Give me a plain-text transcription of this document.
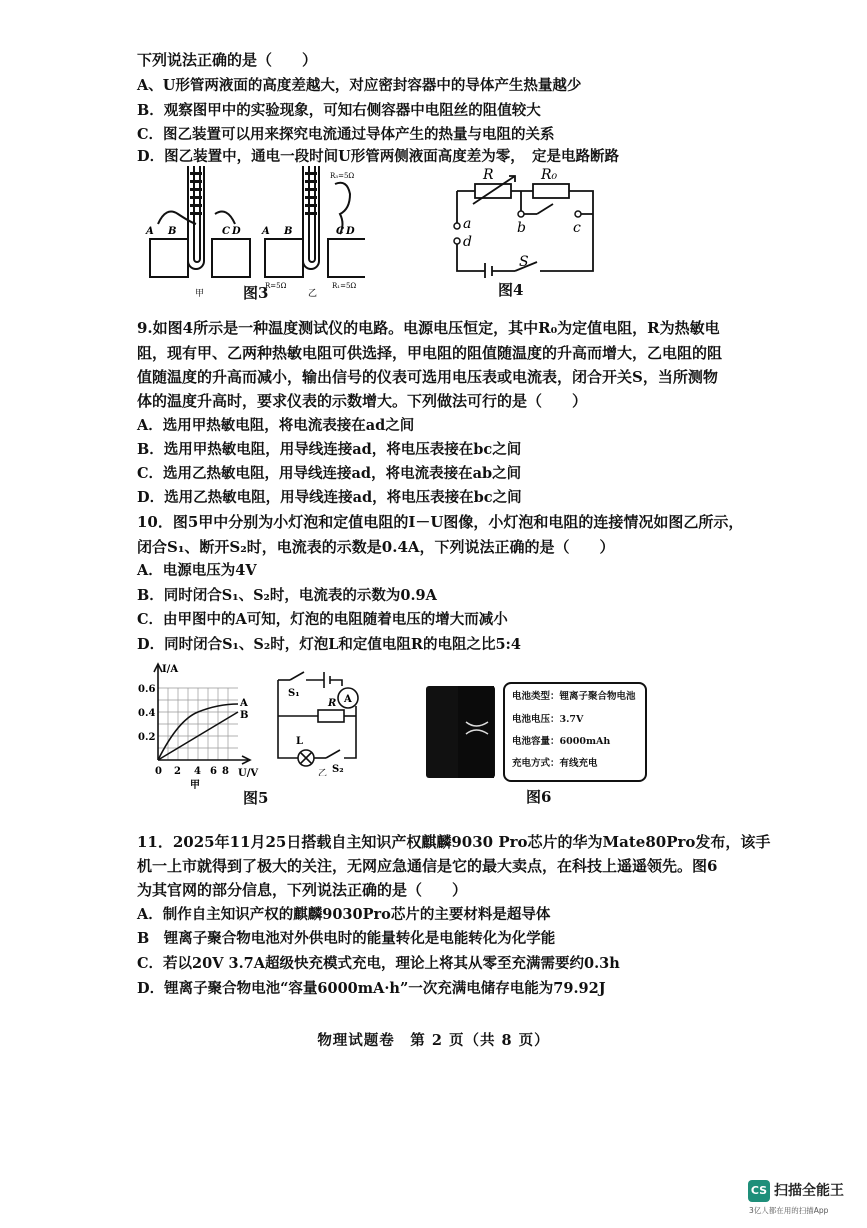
下列说法正确的是（　　）
A、U形管两液面的高度差越大，对应密封容器中的导体产生热量越少
B．观察图甲中的实验现象，可知右侧容器中电阻丝的阻值较大
C．图乙装置可以用来探究电流通过导体产生的热量与电阻的关系
D．图乙装置中，通电一段时间U形管两侧液面高度差为零，　定是电路断路
A B	C D A B	C D
R₃=5Ω
R=5Ω	R₁=5Ω
甲	乙
图3
R	R₀
a
d
b	c
S
图4
9.如图4所示是一种温度测试仪的电路。电源电压恒定，其中R₀为定值电阻，R为热敏电
阻，现有甲、乙两种热敏电阻可供选择，甲电阻的阻值随温度的升高而增大，乙电阻的阻
值随温度的升高而减小，输出信号的仪表可选用电压表或电流表，闭合开关S，当所测物
体的温度升高时，要求仪表的示数增大。下列做法可行的是（　　）
A．选用甲热敏电阻，将电流表接在ad之间
B．选用甲热敏电阻，用导线连接ad，将电压表接在bc之间
C．选用乙热敏电阻，用导线连接ad，将电流表接在ab之间
D．选用乙热敏电阻，用导线连接ad，将电压表接在bc之间
10．图5甲中分别为小灯泡和定值电阻的I－U图像，小灯泡和电阻的连接情况如图乙所示，
闭合S₁、断开S₂时，电流表的示数是0.4A，下列说法正确的是（　　）
A．电源电压为4V
B．同时闭合S₁、S₂时，电流表的示数为0.9A
C．由甲图中的A可知，灯泡的电阻随着电压的增大而减小
D．同时闭合S₁、S₂时，灯泡L和定值电阻R的电阻之比5:4
I/A
U/V
0.6
0.4
0.2
0 2 4 6 8
A
B
甲
S₁
A
R
L
S₂
乙
图5
电池类型：锂离子聚合物电池
电池电压：3.7V
电池容量：6000mAh
充电方式：有线充电
图6
11．2025年11月25日搭载自主知识产权麒麟9030 Pro芯片的华为Mate80Pro发布，该手
机一上市就得到了极大的关注，无网应急通信是它的最大卖点，在科技上遥遥领先。图6
为其官网的部分信息，下列说法正确的是（　　）
A．制作自主知识产权的麒麟9030Pro芯片的主要材料是超导体
B　锂离子聚合物电池对外供电时的能量转化是电能转化为化学能
C．若以20V 3.7A超级快充模式充电，理论上将其从零至充满需要约0.3h
D．锂离子聚合物电池“容量6000mA·h”一次充满电储存电能为79.92J
物理试题卷　第 2 页（共 8 页）
CS 扫描全能王
3亿人都在用的扫描App
